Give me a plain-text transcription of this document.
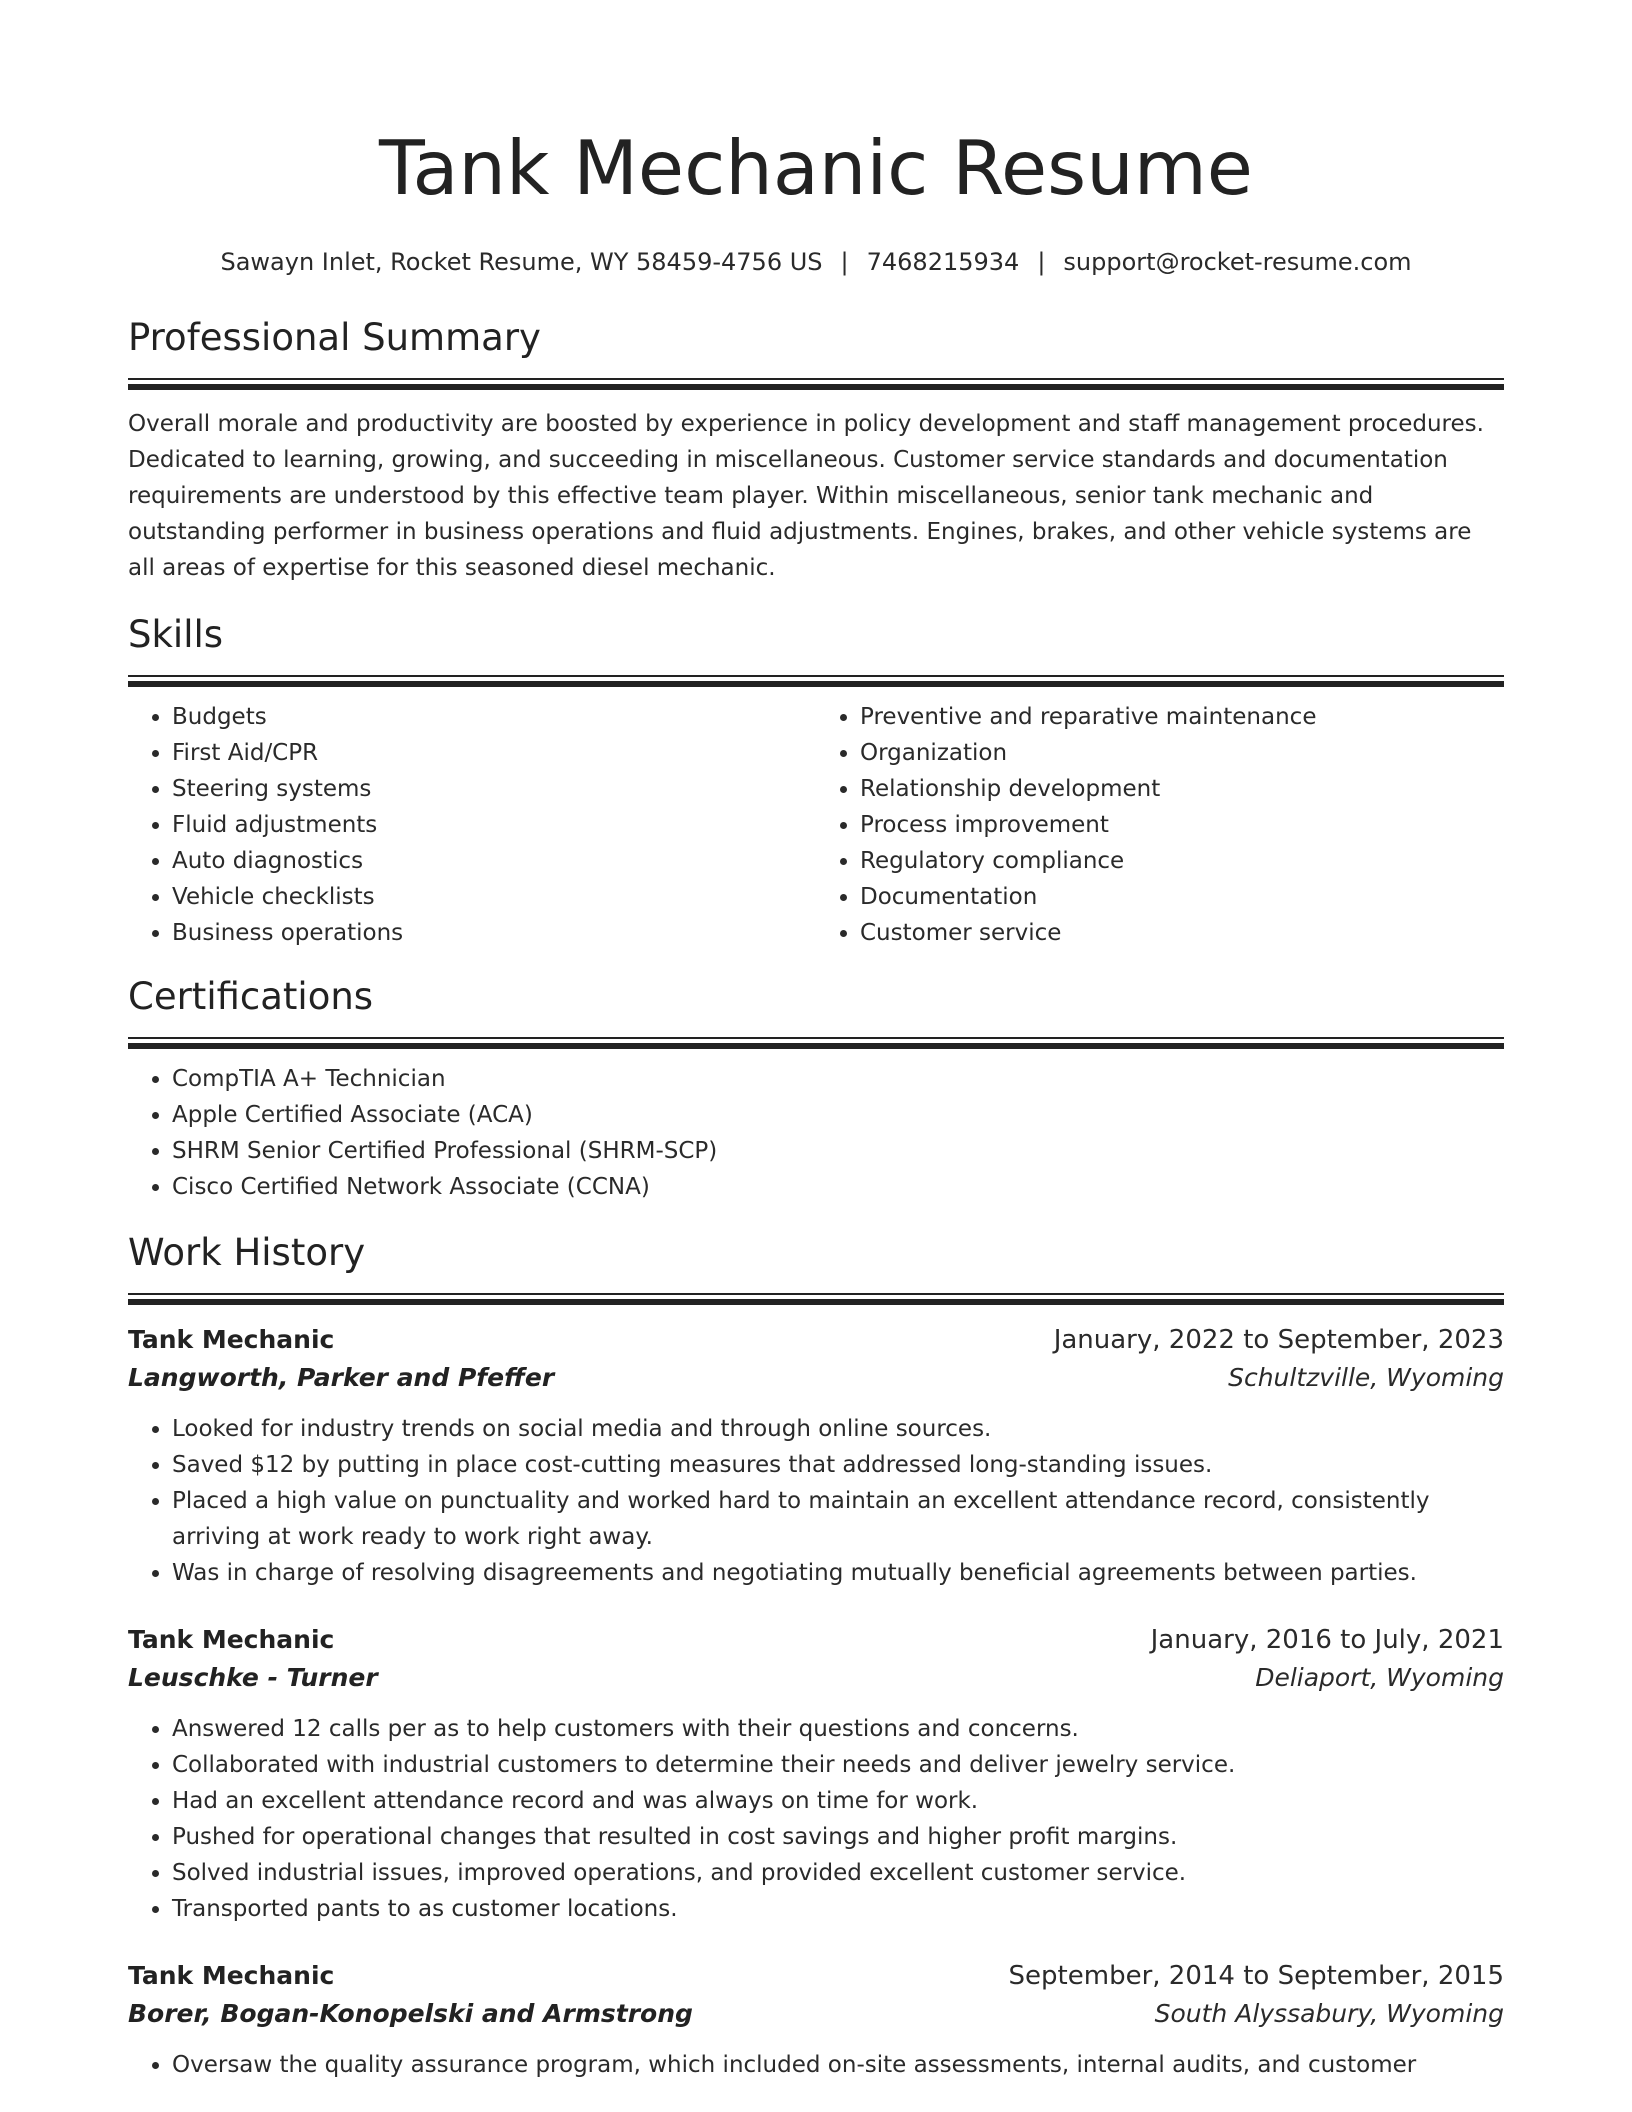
Tank Mechanic Resume
Sawayn Inlet, Rocket Resume, WY 58459-4756 US | 7468215934 | support@rocket-resume.com
Professional Summary

Overall morale and productivity are boosted by experience in policy development and staff management procedures. Dedicated to learning, growing, and succeeding in miscellaneous. Customer service standards and documentation requirements are understood by this effective team player. Within miscellaneous, senior tank mechanic and outstanding performer in business operations and fluid adjustments. Engines, brakes, and other vehicle systems are all areas of expertise for this seasoned diesel mechanic.

Skills
• Budgets
• First Aid/CPR
• Steering systems
• Fluid adjustments
• Auto diagnostics
• Vehicle checklists
• Business operations
• Preventive and reparative maintenance
• Organization
• Relationship development
• Process improvement
• Regulatory compliance
• Documentation
• Customer service
Certifications
• CompTIA A+ Technician
• Apple Certified Associate (ACA)
• SHRM Senior Certified Professional (SHRM-SCP)
• Cisco Certified Network Associate (CCNA)
Work History
Tank Mechanic	January, 2022 to September, 2023
Langworth, Parker and Pfeffer	Schultzville, Wyoming
• Looked for industry trends on social media and through online sources.
• Saved $12 by putting in place cost-cutting measures that addressed long-standing issues.
• Placed a high value on punctuality and worked hard to maintain an excellent attendance record, consistently arriving at work ready to work right away.
• Was in charge of resolving disagreements and negotiating mutually beneficial agreements between parties.
Tank Mechanic	January, 2016 to July, 2021
Leuschke - Turner	Deliaport, Wyoming
• Answered 12 calls per as to help customers with their questions and concerns.
• Collaborated with industrial customers to determine their needs and deliver jewelry service.
• Had an excellent attendance record and was always on time for work.
• Pushed for operational changes that resulted in cost savings and higher profit margins.
• Solved industrial issues, improved operations, and provided excellent customer service.
• Transported pants to as customer locations.
Tank Mechanic	September, 2014 to September, 2015
Borer, Bogan-Konopelski and Armstrong	South Alyssabury, Wyoming
• Oversaw the quality assurance program, which included on-site assessments, internal audits, and customer
